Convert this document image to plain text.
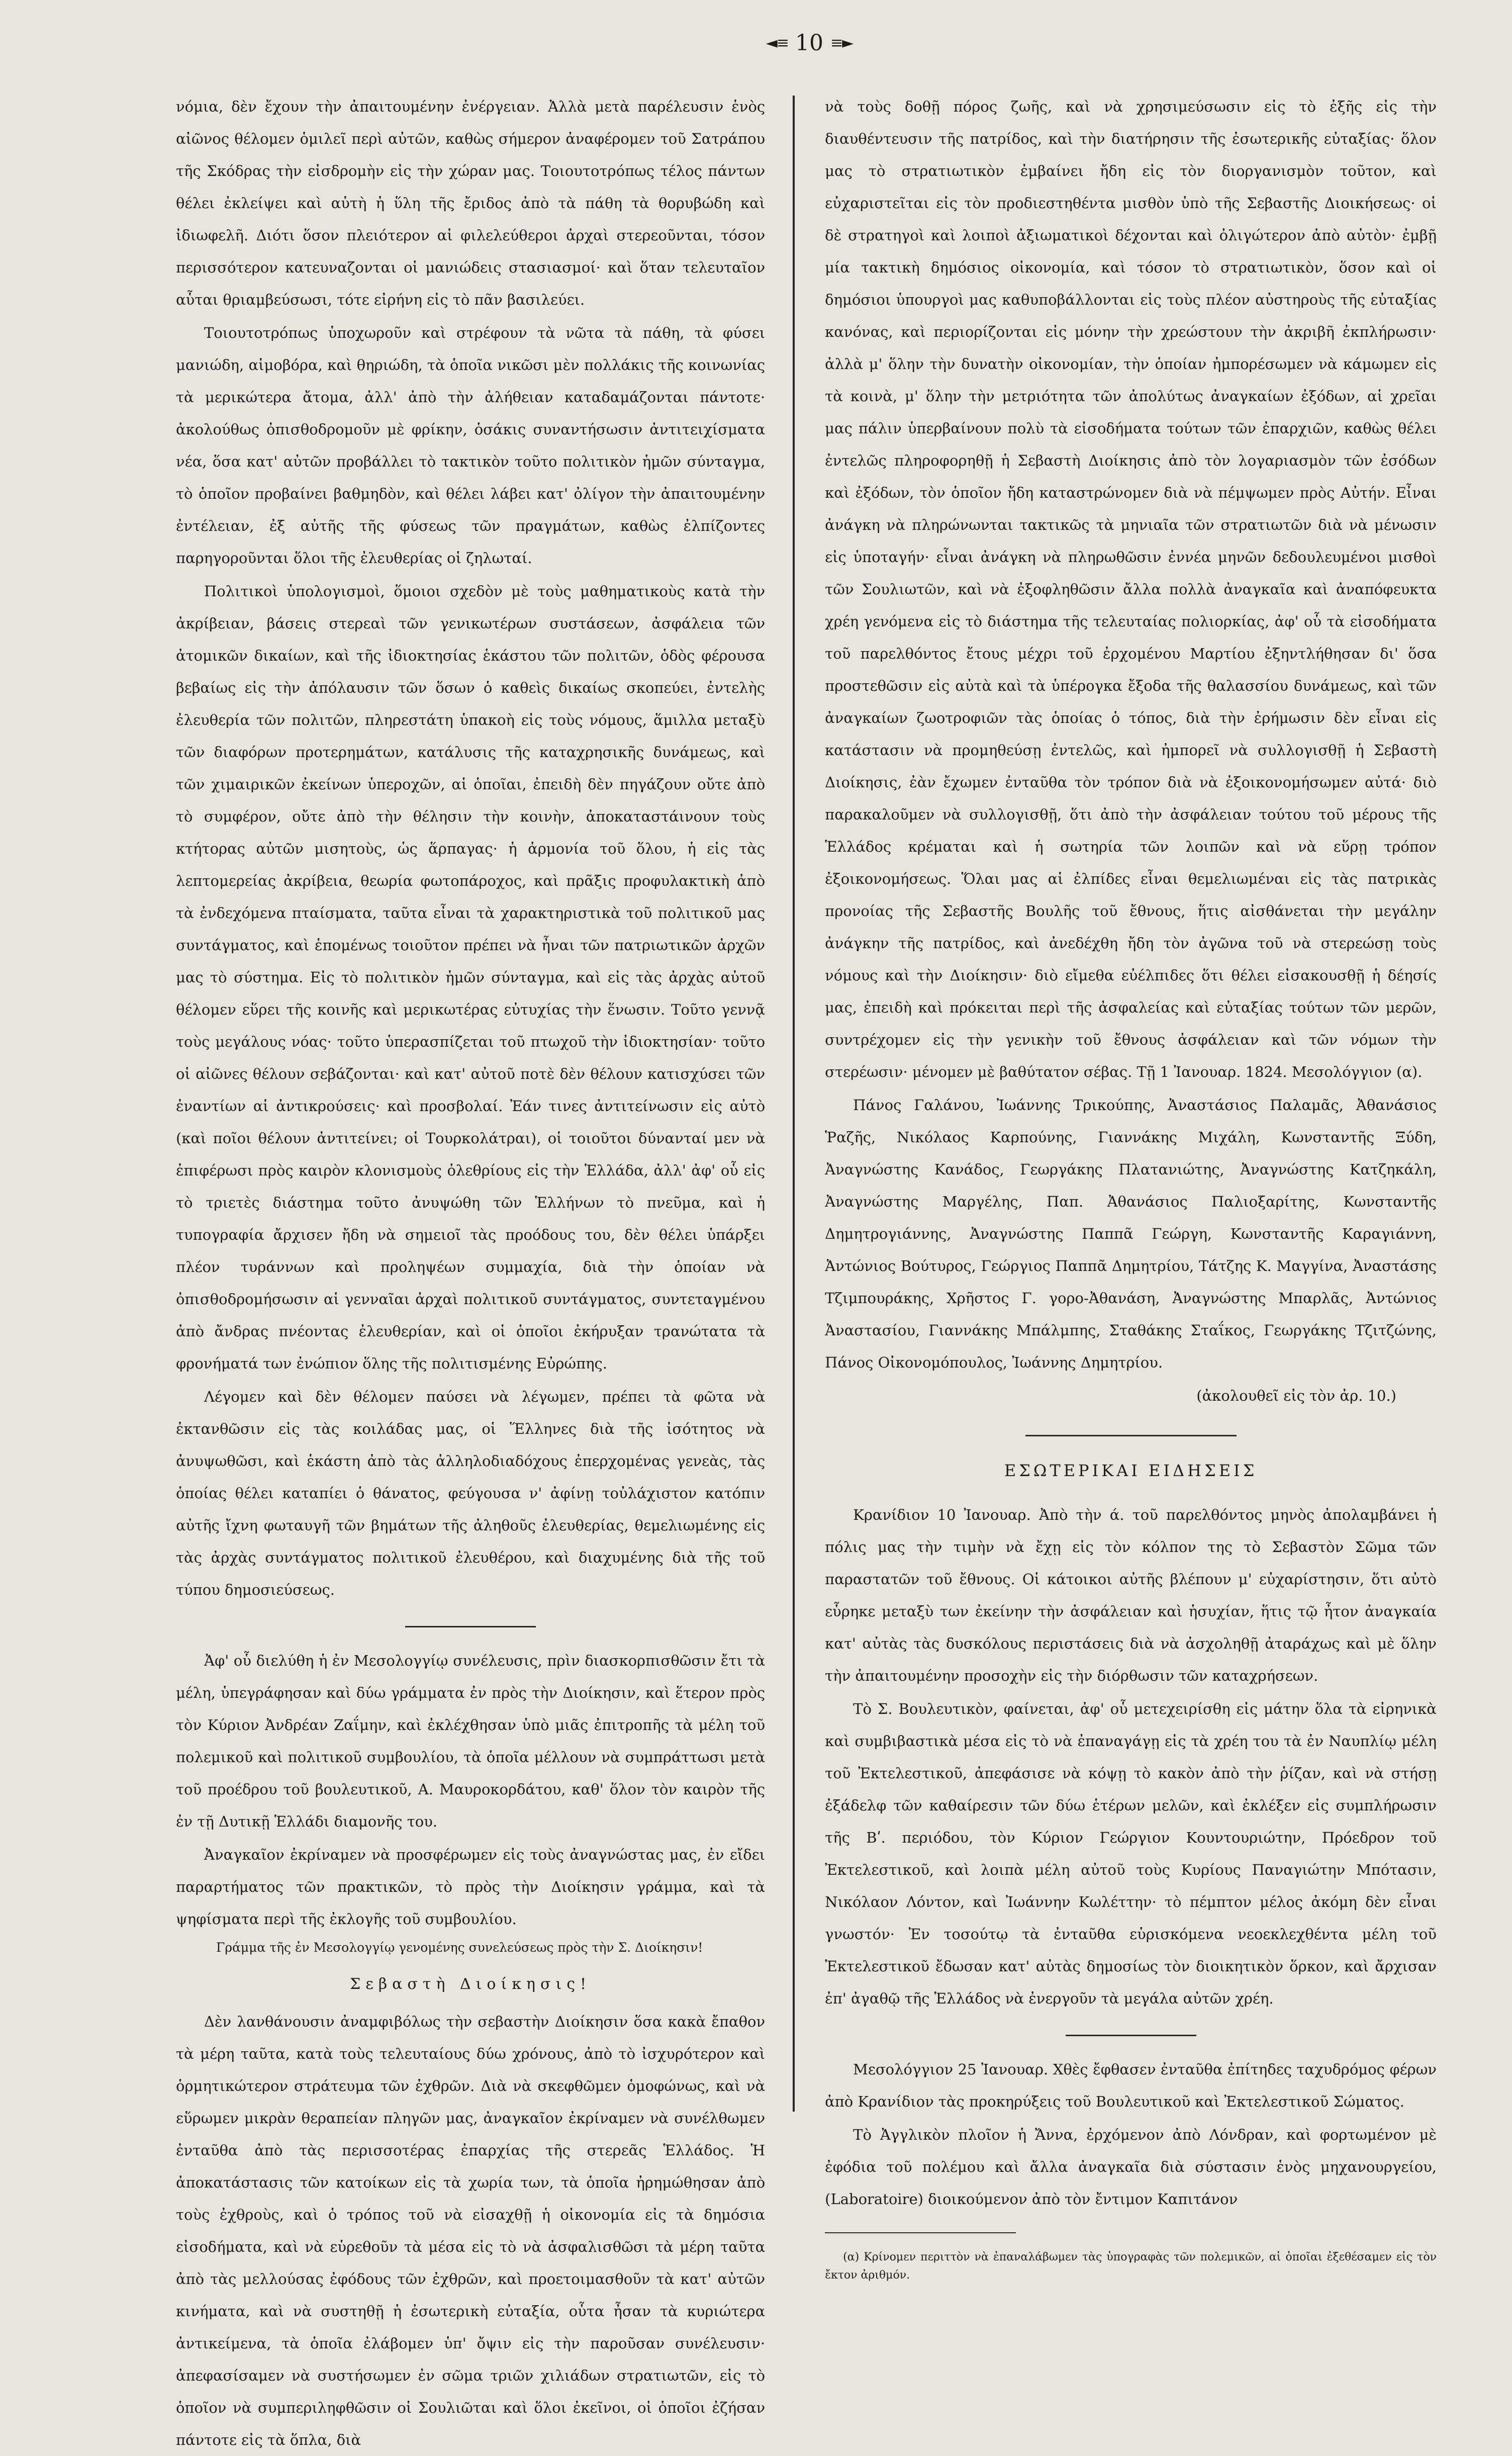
◄≡ 10 ≡►

νόμια, δὲν ἔχουν τὴν ἀπαιτουμένην ἐνέργειαν. Ἀλλὰ μετὰ παρέλευσιν ἑνὸς αἰῶνος θέλομεν ὁμιλεῖ περὶ αὐτῶν, καθὼς σήμερον ἀναφέρομεν τοῦ Σατράπου τῆς Σκόδρας τὴν εἰσδρομὴν εἰς τὴν χώραν μας. Τοιουτοτρόπως τέλος πάντων θέλει ἐκλείψει καὶ αὐτὴ ἡ ὕλη τῆς ἔριδος ἀπὸ τὰ πάθη τὰ θορυβώδη καὶ ἰδιωφελῆ. Διότι ὅσον πλειότερον αἱ φιλελεύθεροι ἀρχαὶ στερεοῦνται, τόσον περισσότερον κατευναζονται οἱ μανιώδεις στασιασμοί· καὶ ὅταν τελευταῖον αὗται θριαμβεύσωσι, τότε εἰρήνη εἰς τὸ πᾶν βασιλεύει.

Τοιουτοτρόπως ὑποχωροῦν καὶ στρέφουν τὰ νῶτα τὰ πάθη, τὰ φύσει μανιώδη, αἱμοβόρα, καὶ θηριώδη, τὰ ὁποῖα νικῶσι μὲν πολλάκις τῆς κοινωνίας τὰ μερικώτερα ἄτομα, ἀλλ' ἀπὸ τὴν ἀλήθειαν καταδαμάζονται πάντοτε· ἀκολούθως ὀπισθοδρομοῦν μὲ φρίκην, ὁσάκις συναντήσωσιν ἀντιτειχίσματα νέα, ὅσα κατ' αὐτῶν προβάλλει τὸ τακτικὸν τοῦτο πολιτικὸν ἡμῶν σύνταγμα, τὸ ὁποῖον προβαίνει βαθμηδὸν, καὶ θέλει λάβει κατ' ὀλίγον τὴν ἀπαιτουμένην ἐντέλειαν, ἐξ αὐτῆς τῆς φύσεως τῶν πραγμάτων, καθὼς ἐλπίζοντες παρηγοροῦνται ὅλοι τῆς ἐλευθερίας οἱ ζηλωταί.

Πολιτικοὶ ὑπολογισμοὶ, ὅμοιοι σχεδὸν μὲ τοὺς μαθηματικοὺς κατὰ τὴν ἀκρίβειαν, βάσεις στερεαὶ τῶν γενικωτέρων συστάσεων, ἀσφάλεια τῶν ἀτομικῶν δικαίων, καὶ τῆς ἰδιοκτησίας ἑκάστου τῶν πολιτῶν, ὁδὸς φέρουσα βεβαίως εἰς τὴν ἀπόλαυσιν τῶν ὅσων ὁ καθεὶς δικαίως σκοπεύει, ἐντελὴς ἐλευθερία τῶν πολιτῶν, πληρεστάτη ὑπακοὴ εἰς τοὺς νόμους, ἅμιλλα μεταξὺ τῶν διαφόρων προτερημάτων, κατάλυσις τῆς καταχρησικῆς δυνάμεως, καὶ τῶν χιμαιρικῶν ἐκείνων ὑπεροχῶν, αἱ ὁποῖαι, ἐπειδὴ δὲν πηγάζουν οὔτε ἀπὸ τὸ συμφέρον, οὔτε ἀπὸ τὴν θέλησιν τὴν κοινὴν, ἀποκαταστάινουν τοὺς κτήτορας αὐτῶν μισητοὺς, ὡς ἅρπαγας· ἡ ἁρμονία τοῦ ὅλου, ἡ εἰς τὰς λεπτομερείας ἀκρίβεια, θεωρία φωτοπάροχος, καὶ πρᾶξις προφυλακτικὴ ἀπὸ τὰ ἐνδεχόμενα πταίσματα, ταῦτα εἶναι τὰ χαρακτηριστικὰ τοῦ πολιτικοῦ μας συντάγματος, καὶ ἑπομένως τοιοῦτον πρέπει νὰ ἦναι τῶν πατριωτικῶν ἀρχῶν μας τὸ σύστημα. Εἰς τὸ πολιτικὸν ἡμῶν σύνταγμα, καὶ εἰς τὰς ἀρχὰς αὐτοῦ θέλομεν εὕρει τῆς κοινῆς καὶ μερικωτέρας εὐτυχίας τὴν ἕνωσιν. Τοῦτο γεννᾷ τοὺς μεγάλους νόας· τοῦτο ὑπερασπίζεται τοῦ πτωχοῦ τὴν ἰδιοκτησίαν· τοῦτο οἱ αἰῶνες θέλουν σεβάζονται· καὶ κατ' αὐτοῦ ποτὲ δὲν θέλουν κατισχύσει τῶν ἐναντίων αἱ ἀντικρούσεις· καὶ προσβολαί. Ἐάν τινες ἀντιτείνωσιν εἰς αὐτὸ (καὶ ποῖοι θέλουν ἀντιτείνει; οἱ Τουρκολάτραι), οἱ τοιοῦτοι δύνανταί μεν νὰ ἐπιφέρωσι πρὸς καιρὸν κλονισμοὺς ὀλεθρίους εἰς τὴν Ἑλλάδα, ἀλλ' ἀφ' οὗ εἰς τὸ τριετὲς διάστημα τοῦτο ἀνυψώθη τῶν Ἑλλήνων τὸ πνεῦμα, καὶ ἡ τυπογραφία ἄρχισεν ἤδη νὰ σημειοῖ τὰς προόδους του, δὲν θέλει ὑπάρξει πλέον τυράννων καὶ προληψέων συμμαχία, διὰ τὴν ὁποίαν νὰ ὀπισθοδρομήσωσιν αἱ γενναῖαι ἀρχαὶ πολιτικοῦ συντάγματος, συντεταγμένου ἀπὸ ἄνδρας πνέοντας ἐλευθερίαν, καὶ οἱ ὁποῖοι ἐκήρυξαν τρανώτατα τὰ φρονήματά των ἐνώπιον ὅλης τῆς πολιτισμένης Εὐρώπης.

Λέγομεν καὶ δὲν θέλομεν παύσει νὰ λέγωμεν, πρέπει τὰ φῶτα νὰ ἐκτανθῶσιν εἰς τὰς κοιλάδας μας, οἱ Ἕλληνες διὰ τῆς ἰσότητος νὰ ἀνυψωθῶσι, καὶ ἑκάστη ἀπὸ τὰς ἀλληλοδιαδόχους ἐπερχομένας γενεὰς, τὰς ὁποίας θέλει καταπίει ὁ θάνατος, φεύγουσα ν' ἀφίνῃ τοὐλάχιστον κατόπιν αὐτῆς ἴχνη φωταυγῆ τῶν βημάτων τῆς ἀληθοῦς ἐλευθερίας, θεμελιωμένης εἰς τὰς ἀρχὰς συντάγματος πολιτικοῦ ἐλευθέρου, καὶ διαχυμένης διὰ τῆς τοῦ τύπου δημοσιεύσεως.

Ἀφ' οὗ διελύθη ἡ ἐν Μεσολογγίῳ συνέλευσις, πρὶν διασκορπισθῶσιν ἔτι τὰ μέλη, ὑπεγράφησαν καὶ δύω γράμματα ἐν πρὸς τὴν Διοίκησιν, καὶ ἕτερον πρὸς τὸν Κύριον Ἀνδρέαν Ζαΐμην, καὶ ἐκλέχθησαν ὑπὸ μιᾶς ἐπιτροπῆς τὰ μέλη τοῦ πολεμικοῦ καὶ πολιτικοῦ συμβουλίου, τὰ ὁποῖα μέλλουν νὰ συμπράττωσι μετὰ τοῦ προέδρου τοῦ βουλευτικοῦ, Α. Μαυροκορδάτου, καθ' ὅλον τὸν καιρὸν τῆς ἐν τῇ Δυτικῇ Ἑλλάδι διαμονῆς του.

Ἀναγκαῖον ἐκρίναμεν νὰ προσφέρωμεν εἰς τοὺς ἀναγνώστας μας, ἐν εἴδει παραρτήματος τῶν πρακτικῶν, τὸ πρὸς τὴν Διοίκησιν γράμμα, καὶ τὰ ψηφίσματα περὶ τῆς ἐκλογῆς τοῦ συμβουλίου.

Γράμμα τῆς ἐν Μεσολογγίῳ γενομένης συνελεύσεως πρὸς τὴν Σ. Διοίκησιν!

Σεβαστὴ Διοίκησις!

Δὲν λανθάνουσιν ἀναμφιβόλως τὴν σεβαστὴν Διοίκησιν ὅσα κακὰ ἔπαθον τὰ μέρη ταῦτα, κατὰ τοὺς τελευταίους δύω χρόνους, ἀπὸ τὸ ἰσχυρότερον καὶ ὁρμητικώτερον στράτευμα τῶν ἐχθρῶν. Διὰ νὰ σκεφθῶμεν ὁμοφώνως, καὶ νὰ εὕρωμεν μικρὰν θεραπείαν πληγῶν μας, ἀναγκαῖον ἐκρίναμεν νὰ συνέλθωμεν ἐνταῦθα ἀπὸ τὰς περισσοτέρας ἐπαρχίας τῆς στερεᾶς Ἑλλάδος. Ἡ ἀποκατάστασις τῶν κατοίκων εἰς τὰ χωρία των, τὰ ὁποῖα ἠρημώθησαν ἀπὸ τοὺς ἐχθροὺς, καὶ ὁ τρόπος τοῦ νὰ εἰσαχθῇ ἡ οἰκονομία εἰς τὰ δημόσια εἰσοδήματα, καὶ νὰ εὑρεθοῦν τὰ μέσα εἰς τὸ νὰ ἀσφαλισθῶσι τὰ μέρη ταῦτα ἀπὸ τὰς μελλούσας ἐφόδους τῶν ἐχθρῶν, καὶ προετοιμασθοῦν τὰ κατ' αὐτῶν κινήματα, καὶ νὰ συστηθῇ ἡ ἐσωτερικὴ εὐταξία, οὗτα ἦσαν τὰ κυριώτερα ἀντικείμενα, τὰ ὁποῖα ἐλάβομεν ὑπ' ὄψιν εἰς τὴν παροῦσαν συνέλευσιν· ἀπεφασίσαμεν νὰ συστήσωμεν ἐν σῶμα τριῶν χιλιάδων στρατιωτῶν, εἰς τὸ ὁποῖον νὰ συμπεριληφθῶσιν οἱ Σουλιῶται καὶ ὅλοι ἐκεῖνοι, οἱ ὁποῖοι ἐζήσαν πάντοτε εἰς τὰ ὅπλα, διὰ

νὰ τοὺς δοθῇ πόρος ζωῆς, καὶ νὰ χρησιμεύσωσιν εἰς τὸ ἐξῆς εἰς τὴν διαυθέντευσιν τῆς πατρίδος, καὶ τὴν διατήρησιν τῆς ἐσωτερικῆς εὐταξίας· ὅλον μας τὸ στρατιωτικὸν ἐμβαίνει ἤδη εἰς τὸν διοργανισμὸν τοῦτον, καὶ εὐχαριστεῖται εἰς τὸν προδιεστηθέντα μισθὸν ὑπὸ τῆς Σεβαστῆς Διοικήσεως· οἱ δὲ στρατηγοὶ καὶ λοιποὶ ἀξιωματικοὶ δέχονται καὶ ὀλιγώτερον ἀπὸ αὐτὸν· ἐμβῇ μία τακτικὴ δημόσιος οἰκονομία, καὶ τόσον τὸ στρατιωτικὸν, ὅσον καὶ οἱ δημόσιοι ὑπουργοὶ μας καθυποβάλλονται εἰς τοὺς πλέον αὐστηροὺς τῆς εὐταξίας κανόνας, καὶ περιορίζονται εἰς μόνην τὴν χρεώστουν τὴν ἀκριβῆ ἐκπλήρωσιν· ἀλλὰ μ' ὅλην τὴν δυνατὴν οἰκονομίαν, τὴν ὁποίαν ἠμπορέσωμεν νὰ κάμωμεν εἰς τὰ κοινὰ, μ' ὅλην τὴν μετριότητα τῶν ἀπολύτως ἀναγκαίων ἐξόδων, αἱ χρεῖαι μας πάλιν ὑπερβαίνουν πολὺ τὰ εἰσοδήματα τούτων τῶν ἐπαρχιῶν, καθὼς θέλει ἐντελῶς πληροφορηθῇ ἡ Σεβαστὴ Διοίκησις ἀπὸ τὸν λογαριασμὸν τῶν ἐσόδων καὶ ἐξόδων, τὸν ὁποῖον ἤδη καταστρώνομεν διὰ νὰ πέμψωμεν πρὸς Αὐτήν. Εἶναι ἀνάγκη νὰ πληρώνωνται τακτικῶς τὰ μηνιαῖα τῶν στρατιωτῶν διὰ νὰ μένωσιν εἰς ὑποταγήν· εἶναι ἀνάγκη νὰ πληρωθῶσιν ἐννέα μηνῶν δεδουλευμένοι μισθοὶ τῶν Σουλιωτῶν, καὶ νὰ ἐξοφληθῶσιν ἄλλα πολλὰ ἀναγκαῖα καὶ ἀναπόφευκτα χρέη γενόμενα εἰς τὸ διάστημα τῆς τελευταίας πολιορκίας, ἀφ' οὗ τὰ εἰσοδήματα τοῦ παρελθόντος ἔτους μέχρι τοῦ ἐρχομένου Μαρτίου ἐξηντλήθησαν δι' ὅσα προστεθῶσιν εἰς αὐτὰ καὶ τὰ ὑπέρογκα ἔξοδα τῆς θαλασσίου δυνάμεως, καὶ τῶν ἀναγκαίων ζωοτροφιῶν τὰς ὁποίας ὁ τόπος, διὰ τὴν ἐρήμωσιν δὲν εἶναι εἰς κατάστασιν νὰ προμηθεύσῃ ἐντελῶς, καὶ ἠμπορεῖ νὰ συλλογισθῇ ἡ Σεβαστὴ Διοίκησις, ἐὰν ἔχωμεν ἐνταῦθα τὸν τρόπον διὰ νὰ ἐξοικονομήσωμεν αὐτά· διὸ παρακαλοῦμεν νὰ συλλογισθῇ, ὅτι ἀπὸ τὴν ἀσφάλειαν τούτου τοῦ μέρους τῆς Ἑλλάδος κρέμαται καὶ ἡ σωτηρία τῶν λοιπῶν καὶ νὰ εὕρῃ τρόπον ἐξοικονομήσεως. Ὅλαι μας αἱ ἐλπίδες εἶναι θεμελιωμέναι εἰς τὰς πατρικὰς προνοίας τῆς Σεβαστῆς Βουλῆς τοῦ ἔθνους, ἥτις αἰσθάνεται τὴν μεγάλην ἀνάγκην τῆς πατρίδος, καὶ ἀνεδέχθη ἤδη τὸν ἀγῶνα τοῦ νὰ στερεώσῃ τοὺς νόμους καὶ τὴν Διοίκησιν· διὸ εἴμεθα εὐέλπιδες ὅτι θέλει εἰσακουσθῇ ἡ δέησίς μας, ἐπειδὴ καὶ πρόκειται περὶ τῆς ἀσφαλείας καὶ εὐταξίας τούτων τῶν μερῶν, συντρέχομεν εἰς τὴν γενικὴν τοῦ ἔθνους ἀσφάλειαν καὶ τῶν νόμων τὴν στερέωσιν· μένομεν μὲ βαθύτατον σέβας. Τῇ 1 Ἰανουαρ. 1824. Μεσολόγγιον (α).

Πάνος Γαλάνου, Ἰωάννης Τρικούπης, Ἀναστάσιος Παλαμᾶς, Ἀθανάσιος Ῥαζῆς, Νικόλαος Καρπούνης, Γιαννάκης Μιχάλη, Κωνσταντῆς Ξύδη, Ἀναγνώστης Κανάδος, Γεωργάκης Πλατανιώτης, Ἀναγνώστης Κατζηκάλη, Ἀναγνώστης Μαργέλης, Παπ. Ἀθανάσιος Παλιοξαρίτης, Κωνσταντῆς Δημητρογιάννης, Ἀναγνώστης Παππᾶ Γεώργη, Κωνσταντῆς Καραγιάννη, Ἀντώνιος Βούτυρος, Γεώργιος Παππᾶ Δημητρίου, Τάτζης Κ. Μαγγίνα, Ἀναστάσης Τζιμπουράκης, Χρῆστος Γ. γορο-Ἀθανάση, Ἀναγνώστης Μπαρλᾶς, Ἀντώνιος Ἀναστασίου, Γιαννάκης Μπάλμπης, Σταθάκης Σταΐκος, Γεωργάκης Τζιτζώνης, Πάνος Οἰκονομόπουλος, Ἰωάννης Δημητρίου.

(ἀκολουθεῖ εἰς τὸν ἀρ. 10.)

ΕΣΩΤΕΡΙΚΑΙ ΕΙΔΗΣΕΙΣ

Κρανίδιον 10 Ἰανουαρ. Ἀπὸ τὴν ά. τοῦ παρελθόντος μηνὸς ἀπολαμβάνει ἡ πόλις μας τὴν τιμὴν νὰ ἔχῃ εἰς τὸν κόλπον της τὸ Σεβαστὸν Σῶμα τῶν παραστατῶν τοῦ ἔθνους. Οἱ κάτοικοι αὐτῆς βλέπουν μ' εὐχαρίστησιν, ὅτι αὐτὸ εὗρηκε μεταξὺ των ἐκείνην τὴν ἀσφάλειαν καὶ ἡσυχίαν, ἥτις τῷ ἦτον ἀναγκαία κατ' αὐτὰς τὰς δυσκόλους περιστάσεις διὰ νὰ ἀσχοληθῇ ἀταράχως καὶ μὲ ὅλην τὴν ἀπαιτουμένην προσοχὴν εἰς τὴν διόρθωσιν τῶν καταχρήσεων.

Τὸ Σ. Βουλευτικὸν, φαίνεται, ἀφ' οὗ μετεχειρίσθη εἰς μάτην ὅλα τὰ εἰρηνικὰ καὶ συμβιβαστικὰ μέσα εἰς τὸ νὰ ἐπαναγάγῃ εἰς τὰ χρέη του τὰ ἐν Ναυπλίῳ μέλη τοῦ Ἐκτελεστικοῦ, ἀπεφάσισε νὰ κόψῃ τὸ κακὸν ἀπὸ τὴν ῥίζαν, καὶ νὰ στήσῃ ἐξάδελφ τῶν καθαίρεσιν τῶν δύω ἑτέρων μελῶν, καὶ ἐκλέξεν εἰς συμπλήρωσιν τῆς Βʹ. περιόδου, τὸν Κύριον Γεώργιον Κουντουριώτην, Πρόεδρον τοῦ Ἐκτελεστικοῦ, καὶ λοιπὰ μέλη αὐτοῦ τοὺς Κυρίους Παναγιώτην Μπότασιν, Νικόλαον Λόντον, καὶ Ἰωάννην Κωλέττην· τὸ πέμπτον μέλος ἀκόμη δὲν εἶναι γνωστόν· Ἐν τοσούτῳ τὰ ἐνταῦθα εὑρισκόμενα νεοεκλεχθέντα μέλη τοῦ Ἐκτελεστικοῦ ἔδωσαν κατ' αὐτὰς δημοσίως τὸν διοικητικὸν ὅρκον, καὶ ἄρχισαν ἐπ' ἀγαθῷ τῆς Ἑλλάδος νὰ ἐνεργοῦν τὰ μεγάλα αὐτῶν χρέη.

Μεσολόγγιον 25 Ἰανουαρ. Χθὲς ἔφθασεν ἐνταῦθα ἐπίτηδες ταχυδρόμος φέρων ἀπὸ Κρανίδιον τὰς προκηρύξεις τοῦ Βουλευτικοῦ καὶ Ἐκτελεστικοῦ Σώματος.

Τὸ Ἀγγλικὸν πλοῖον ἡ Ἄννα, ἐρχόμενον ἀπὸ Λόνδραν, καὶ φορτωμένον μὲ ἐφόδια τοῦ πολέμου καὶ ἄλλα ἀναγκαῖα διὰ σύστασιν ἑνὸς μηχανουργείου, (Laboratoire) διοικούμενον ἀπὸ τὸν ἔντιμον Καπιτάνον

(α) Κρίνομεν περιττὸν νὰ ἐπαναλάβωμεν τὰς ὑπογραφὰς τῶν πολεμικῶν, αἱ ὁποῖαι ἐξεθέσαμεν εἰς τὸν ἔκτον ἀριθμόν.
